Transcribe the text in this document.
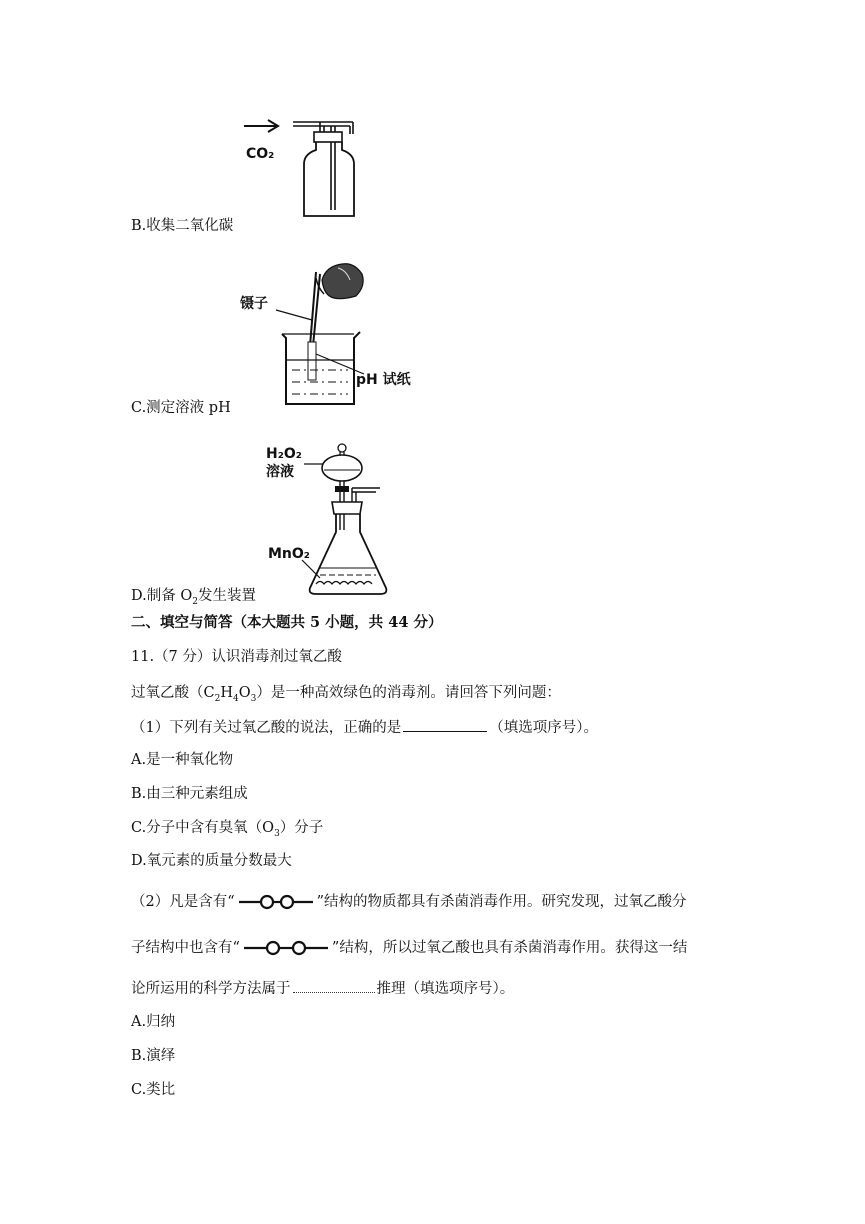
CO₂
B.收集二氧化碳
镊子
pH 试纸
C.测定溶液 pH
H₂O₂
溶液
MnO₂
D.制备 $O_2$发生装置
二、填空与简答（本大题共 5 小题，共 44 分）
11.（7 分）认识消毒剂过氧乙酸
过氧乙酸$(C_2H_4O_3)$是一种高效绿色的消毒剂。请回答下列问题：
（1）下列有关过氧乙酸的说法，正确的是	（填选项序号）。
A.是一种氧化物
B.由三种元素组成
C.分子中含有臭氧$(O_3)$分子
D.氧元素的质量分数最大
（2）凡是含有“	”结构的物质都具有杀菌消毒作用。研究发现，过氧乙酸分
子结构中也含有“	”结构，所以过氧乙酸也具有杀菌消毒作用。获得这一结
论所运用的科学方法属于	推理（填选项序号）。
A.归纳
B.演绎
C.类比
